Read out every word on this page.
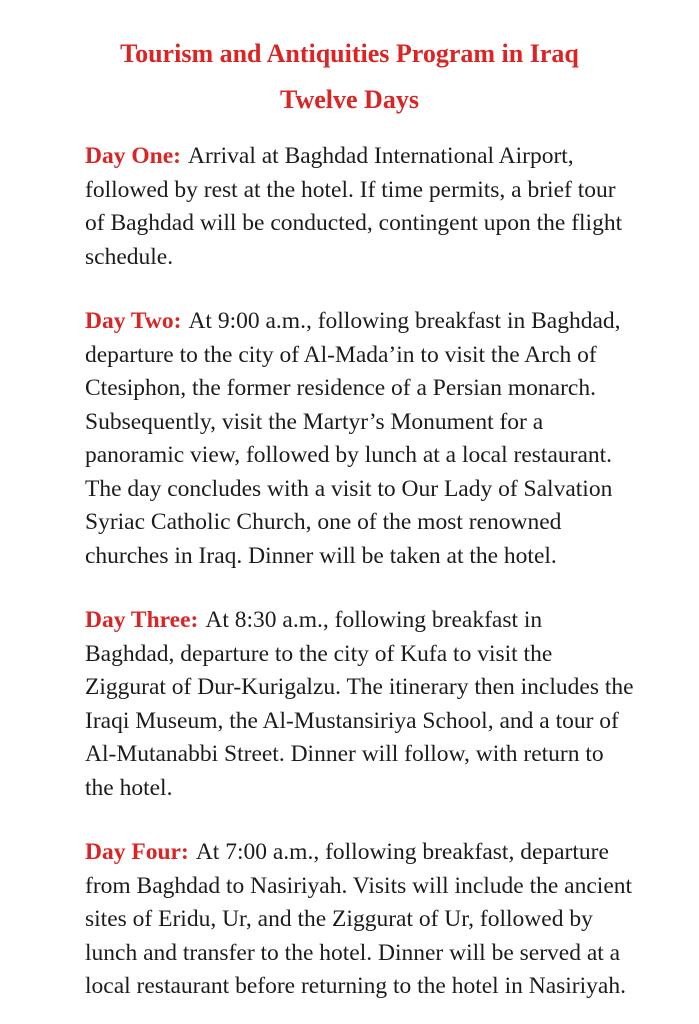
Tourism and Antiquities Program in Iraq
Twelve Days

Day One: Arrival at Baghdad International Airport, followed by rest at the hotel. If time permits, a brief tour of Baghdad will be conducted, contingent upon the flight schedule.

Day Two: At 9:00 a.m., following breakfast in Baghdad, departure to the city of Al-Mada’in to visit the Arch of Ctesiphon, the former residence of a Persian monarch. Subsequently, visit the Martyr’s Monument for a panoramic view, followed by lunch at a local restaurant. The day concludes with a visit to Our Lady of Salvation Syriac Catholic Church, one of the most renowned churches in Iraq. Dinner will be taken at the hotel.

Day Three: At 8:30 a.m., following breakfast in Baghdad, departure to the city of Kufa to visit the Ziggurat of Dur-Kurigalzu. The itinerary then includes the Iraqi Museum, the Al-Mustansiriya School, and a tour of Al-Mutanabbi Street. Dinner will follow, with return to the hotel.

Day Four: At 7:00 a.m., following breakfast, departure from Baghdad to Nasiriyah. Visits will include the ancient sites of Eridu, Ur, and the Ziggurat of Ur, followed by lunch and transfer to the hotel. Dinner will be served at a local restaurant before returning to the hotel in Nasiriyah.
